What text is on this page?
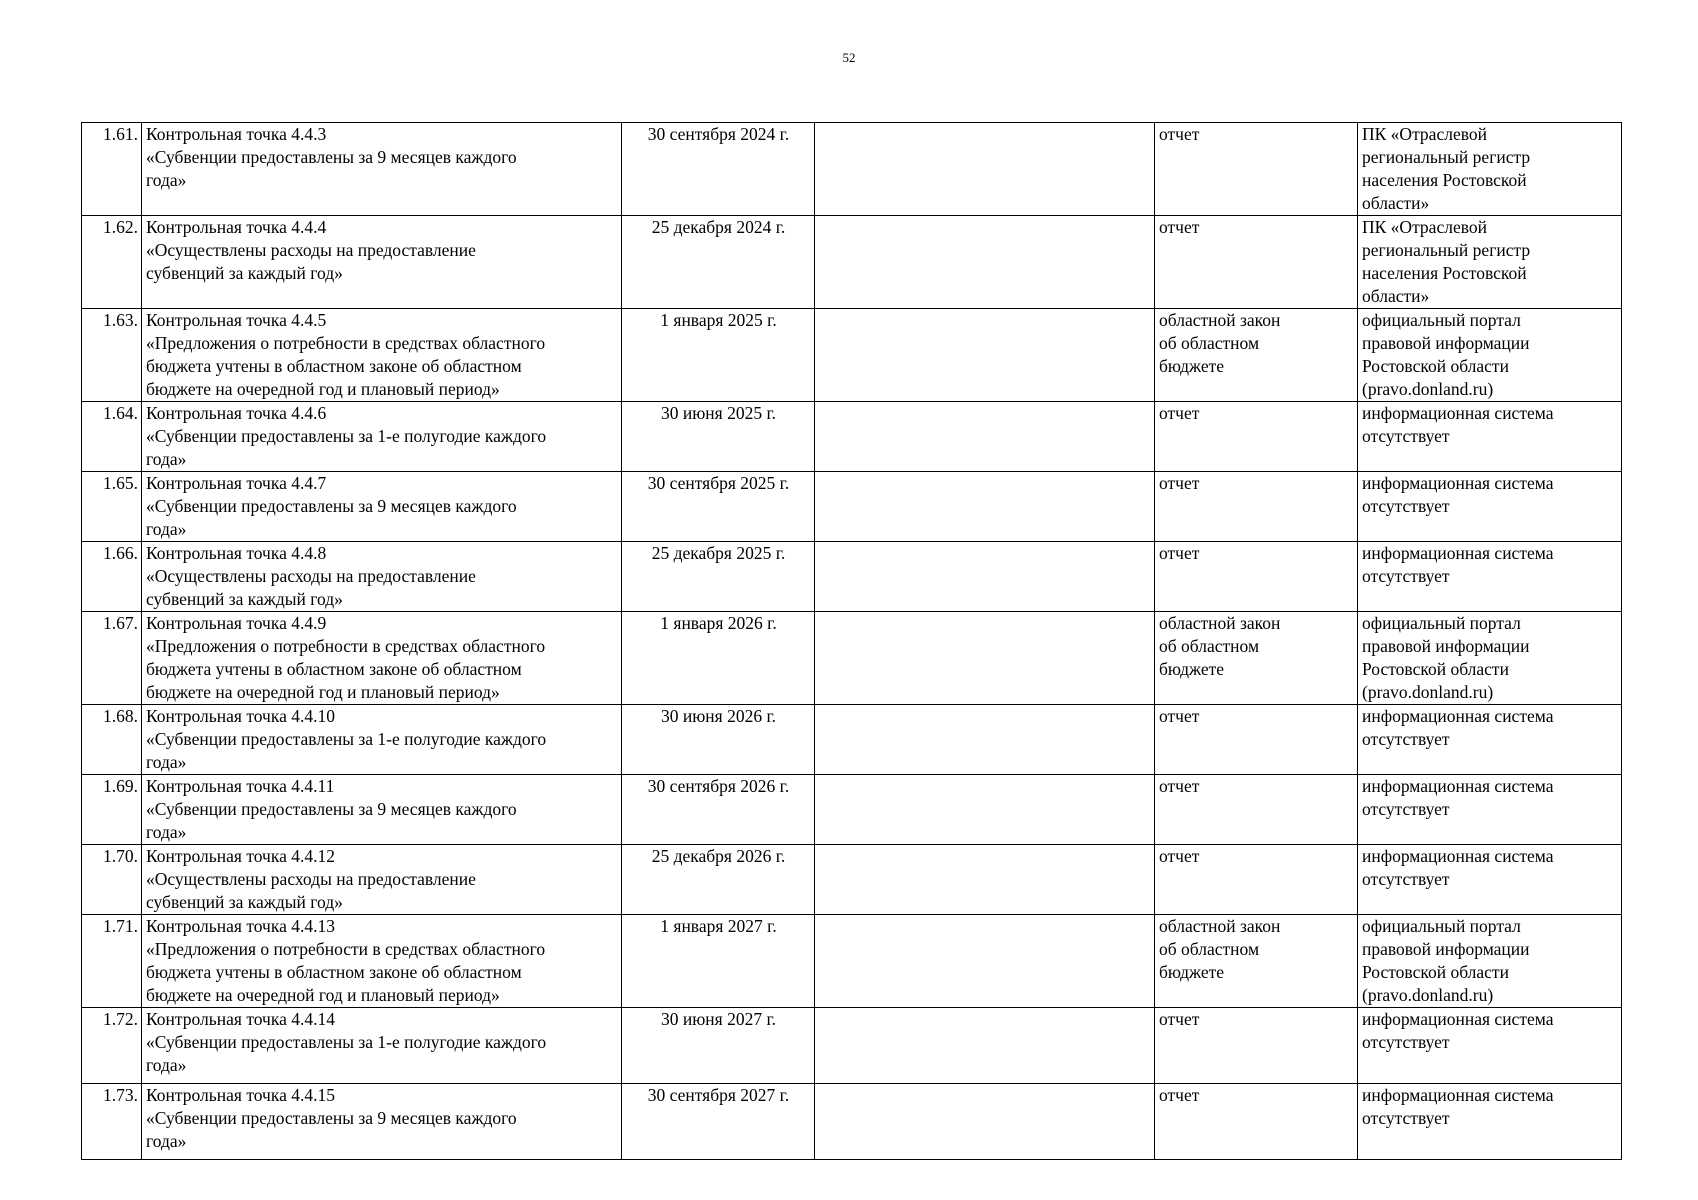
52
1.61.	Контрольная точка 4.4.3
«Субвенции предоставлены за 9 месяцев каждого
года»	30 сентября 2024 г.		отчет	ПК «Отраслевой
региональный регистр
населения Ростовской
области»

1.62.	Контрольная точка 4.4.4
«Осуществлены расходы на предоставление
субвенций за каждый год»	25 декабря 2024 г.		отчет	ПК «Отраслевой
региональный регистр
населения Ростовской
области»

1.63.	Контрольная точка 4.4.5
«Предложения о потребности в средствах областного
бюджета учтены в областном законе об областном
бюджете на очередной год и плановый период»	1 января 2025 г.		областной закон
об областном
бюджете	официальный портал
правовой информации
Ростовской области
(pravo.donland.ru)

1.64.	Контрольная точка 4.4.6
«Субвенции предоставлены за 1-е полугодие каждого
года»	30 июня 2025 г.		отчет	информационная система
отсутствует

1.65.	Контрольная точка 4.4.7
«Субвенции предоставлены за 9 месяцев каждого
года»	30 сентября 2025 г.		отчет	информационная система
отсутствует

1.66.	Контрольная точка 4.4.8
«Осуществлены расходы на предоставление
субвенций за каждый год»	25 декабря 2025 г.		отчет	информационная система
отсутствует

1.67.	Контрольная точка 4.4.9
«Предложения о потребности в средствах областного
бюджета учтены в областном законе об областном
бюджете на очередной год и плановый период»	1 января 2026 г.		областной закон
об областном
бюджете	официальный портал
правовой информации
Ростовской области
(pravo.donland.ru)

1.68.	Контрольная точка 4.4.10
«Субвенции предоставлены за 1-е полугодие каждого
года»	30 июня 2026 г.		отчет	информационная система
отсутствует

1.69.	Контрольная точка 4.4.11
«Субвенции предоставлены за 9 месяцев каждого
года»	30 сентября 2026 г.		отчет	информационная система
отсутствует

1.70.	Контрольная точка 4.4.12
«Осуществлены расходы на предоставление
субвенций за каждый год»	25 декабря 2026 г.		отчет	информационная система
отсутствует

1.71.	Контрольная точка 4.4.13
«Предложения о потребности в средствах областного
бюджета учтены в областном законе об областном
бюджете на очередной год и плановый период»	1 января 2027 г.		областной закон
об областном
бюджете	официальный портал
правовой информации
Ростовской области
(pravo.donland.ru)

1.72.	Контрольная точка 4.4.14
«Субвенции предоставлены за 1-е полугодие каждого
года»	30 июня 2027 г.		отчет	информационная система
отсутствует

1.73.	Контрольная точка 4.4.15
«Субвенции предоставлены за 9 месяцев каждого
года»	30 сентября 2027 г.		отчет	информационная система
отсутствует
